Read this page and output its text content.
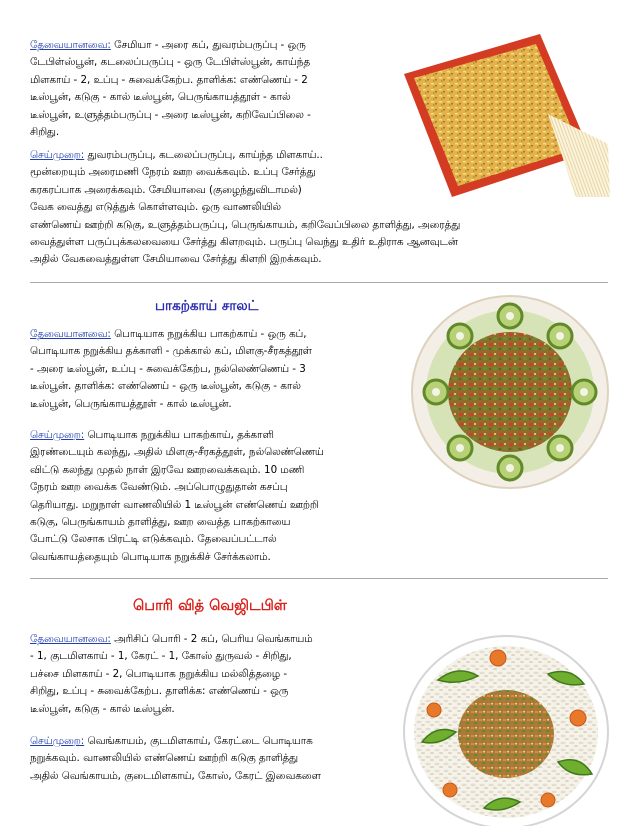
தேவையானவை: சேமியா - அரை கப், துவரம்பருப்பு - ஒரு
டேபிள்ஸ்பூன், கடலைப்பருப்பு - ஒரு டேபிள்ஸ்பூன், காய்ந்த
மிளகாய் - 2, உப்பு - சுவைக்கேற்ப. தாளிக்க: எண்ணெய் - 2
டீஸ்பூன், கடுகு - கால் டீஸ்பூன், பெருங்காயத்தூள் - கால்
டீஸ்பூன், உளுத்தம்பருப்பு - அரை டீஸ்பூன், கறிவேப்பிலை -
சிறிது.
செய்முறை: துவரம்பருப்பு, கடலைப்பருப்பு, காய்ந்த மிளகாய்..
மூன்றையும் அரைமணி நேரம் ஊற வைக்கவும். உப்பு சேர்த்து
கரகரப்பாக அரைக்கவும். சேமியாவை (குழைந்துவிடாமல்)
வேக வைத்து எடுத்துக் கொள்ளவும். ஒரு வாணலியில்
எண்ணெய் ஊற்றி கடுகு, உளுத்தம்பருப்பு, பெருங்காயம், கறிவேப்பிலை தாளித்து, அரைத்து
வைத்துள்ள பருப்புக்கலவையை சேர்த்து கிளறவும். பருப்பு வெந்து உதிர் உதிராக ஆனவுடன்
அதில் வேகவைத்துள்ள சேமியாவை சேர்த்து கிளறி இறக்கவும்.
பாகற்காய் சாலட்
தேவையானவை: பொடியாக நறுக்கிய பாகற்காய் - ஒரு கப்,
பொடியாக நறுக்கிய தக்காளி - முக்கால் கப், மிளகு-சீரகத்தூள்
- அரை டீஸ்பூன், உப்பு - சுவைக்கேற்ப, நல்லெண்ணெய் - 3
டீஸ்பூன். தாளிக்க: எண்ணெய் - ஒரு டீஸ்பூன், கடுகு - கால்
டீஸ்பூன், பெருங்காயத்தூள் - கால் டீஸ்பூன்.
செய்முறை: பொடியாக நறுக்கிய பாகற்காய், தக்காளி
இரண்டையும் கலந்து, அதில் மிளகு-சீரகத்தூள், நல்லெண்ணெய்
விட்டு கலந்து முதல் நாள் இரவே ஊறவைக்கவும். 10 மணி
நேரம் ஊற வைக்க வேண்டும். அப்பொழுதுதான் கசப்பு
தெரியாது. மறுநாள் வாணலியில் 1 டீஸ்பூன் எண்ணெய் ஊற்றி
கடுகு, பெருங்காயம் தாளித்து, ஊற வைத்த பாகற்காயை
போட்டு லேசாக பிரட்டி எடுக்கவும். தேவைப்பட்டால்
வெங்காயத்தையும் பொடியாக நறுக்கிச் சேர்க்கலாம்.
பொரி வித் வெஜிடபிள்
தேவையானவை: அரிசிப் பொரி - 2 கப், பெரிய வெங்காயம்
- 1, குடமிளகாய் - 1, கேரட் - 1, கோஸ் துருவல் - சிறிது,
பச்சை மிளகாய் - 2, பொடியாக நறுக்கிய மல்லித்தழை -
சிறிது, உப்பு - சுவைக்கேற்ப. தாளிக்க: எண்ணெய் - ஒரு
டீஸ்பூன், கடுகு - கால் டீஸ்பூன்.
செய்முறை: வெங்காயம், குடமிளகாய், கேரட்டை பொடியாக
நறுக்கவும். வாணலியில் எண்ணெய் ஊற்றி கடுகு தாளித்து
அதில் வெங்காயம், குடைமிளகாய், கோஸ், கேரட் இவைகளை
